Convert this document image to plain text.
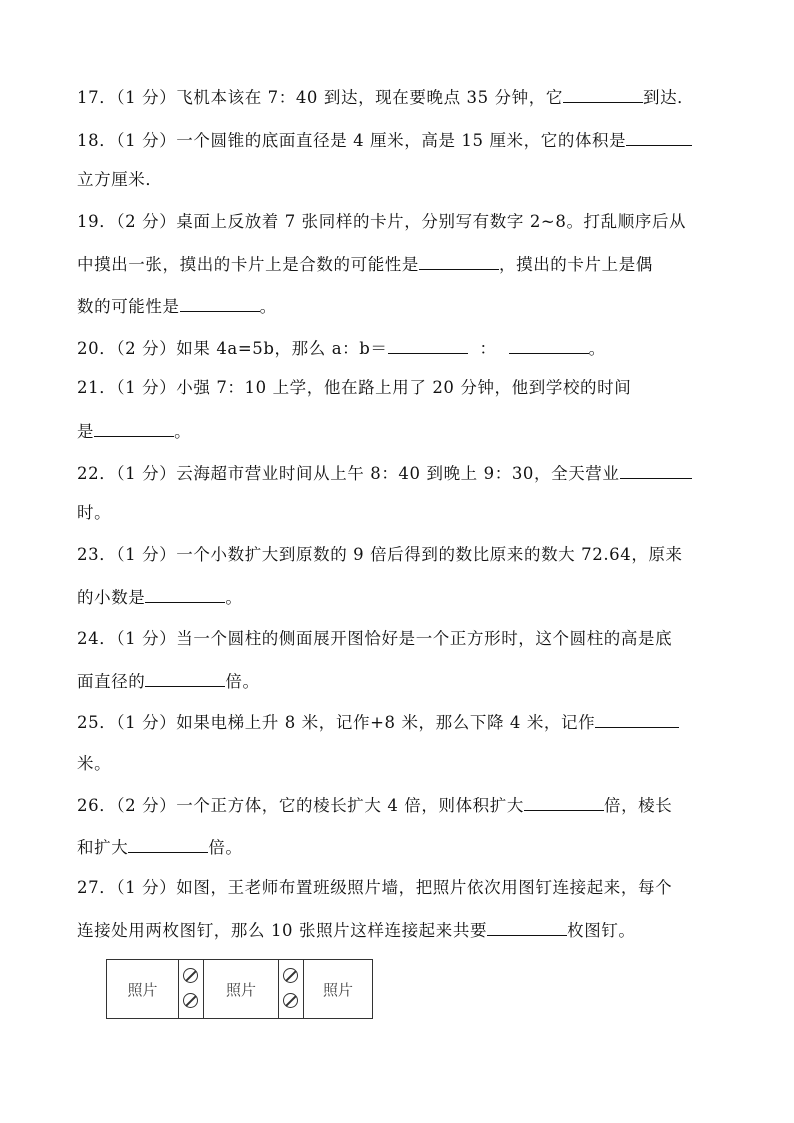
17．（1 分）飞机本该在 7：40 到达，现在要晚点 35 分钟，它	到达．
18．（1 分）一个圆锥的底面直径是 4 厘米，高是 15 厘米，它的体积是
立方厘米．
19．（2 分）桌面上反放着 7 张同样的卡片，分别写有数字 2~8。打乱顺序后从
中摸出一张，摸出的卡片上是合数的可能性是	，摸出的卡片上是偶
数的可能性是	。
20．（2 分）如果 4a=5b，那么 a：b＝	：	。
21．（1 分）小强 7：10 上学，他在路上用了 20 分钟，他到学校的时间
是	。
22．（1 分）云海超市营业时间从上午 8：40 到晚上 9：30，全天营业
时。
23．（1 分）一个小数扩大到原数的 9 倍后得到的数比原来的数大 72.64，原来
的小数是	。
24．（1 分）当一个圆柱的侧面展开图恰好是一个正方形时，这个圆柱的高是底
面直径的	倍。
25．（1 分）如果电梯上升 8 米，记作+8 米，那么下降 4 米，记作
米。
26．（2 分）一个正方体，它的棱长扩大 4 倍，则体积扩大	倍，棱长
和扩大	倍。
27．（1 分）如图，王老师布置班级照片墙，把照片依次用图钉连接起来，每个
连接处用两枚图钉，那么 10 张照片这样连接起来共要	枚图钉。
照片	照片	照片
